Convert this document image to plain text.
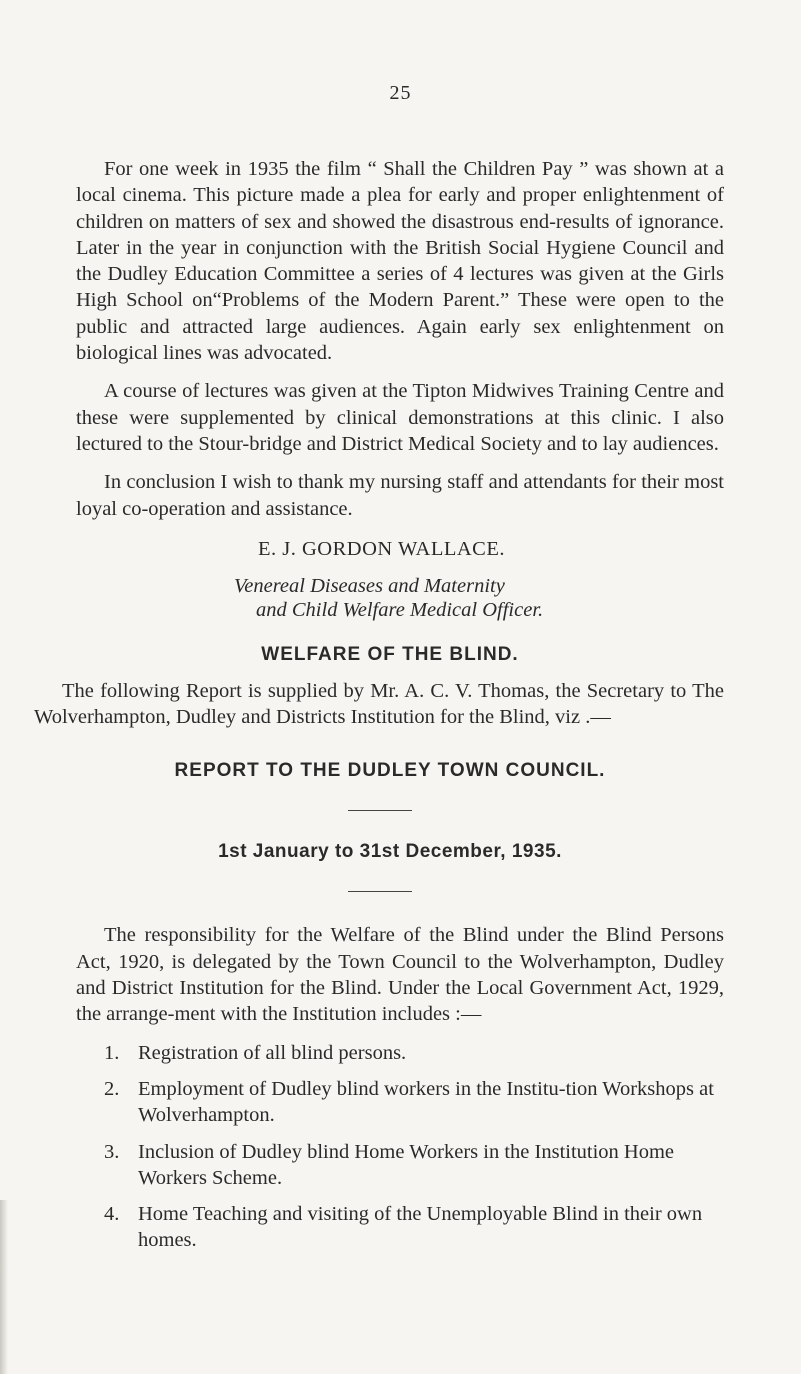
25

For one week in 1935 the film “ Shall the Children Pay ” was shown at a local cinema. This picture made a plea for early and proper enlightenment of children on matters of sex and showed the disastrous end-results of ignorance. Later in the year in conjunction with the British Social Hygiene Council and the Dudley Education Committee a series of 4 lectures was given at the Girls High School on“Problems of the Modern Parent.” These were open to the public and attracted large audiences. Again early sex enlightenment on biological lines was advocated.

A course of lectures was given at the Tipton Midwives Training Centre and these were supplemented by clinical demonstrations at this clinic. I also lectured to the Stour-bridge and District Medical Society and to lay audiences.

In conclusion I wish to thank my nursing staff and attendants for their most loyal co-operation and assistance.

E. J. GORDON WALLACE.
Venereal Diseases and Maternity
and Child Welfare Medical Officer.
WELFARE OF THE BLIND.

The following Report is supplied by Mr. A. C. V. Thomas, the Secretary to The Wolverhampton, Dudley and Districts Institution for the Blind, viz .—

REPORT TO THE DUDLEY TOWN COUNCIL.
1st January to 31st December, 1935.

The responsibility for the Welfare of the Blind under the Blind Persons Act, 1920, is delegated by the Town Council to the Wolverhampton, Dudley and District Institution for the Blind. Under the Local Government Act, 1929, the arrange-ment with the Institution includes :—

1. Registration of all blind persons.
2. Employment of Dudley blind workers in the Institu-tion Workshops at Wolverhampton.
3. Inclusion of Dudley blind Home Workers in the Institution Home Workers Scheme.
4. Home Teaching and visiting of the Unemployable Blind in their own homes.
